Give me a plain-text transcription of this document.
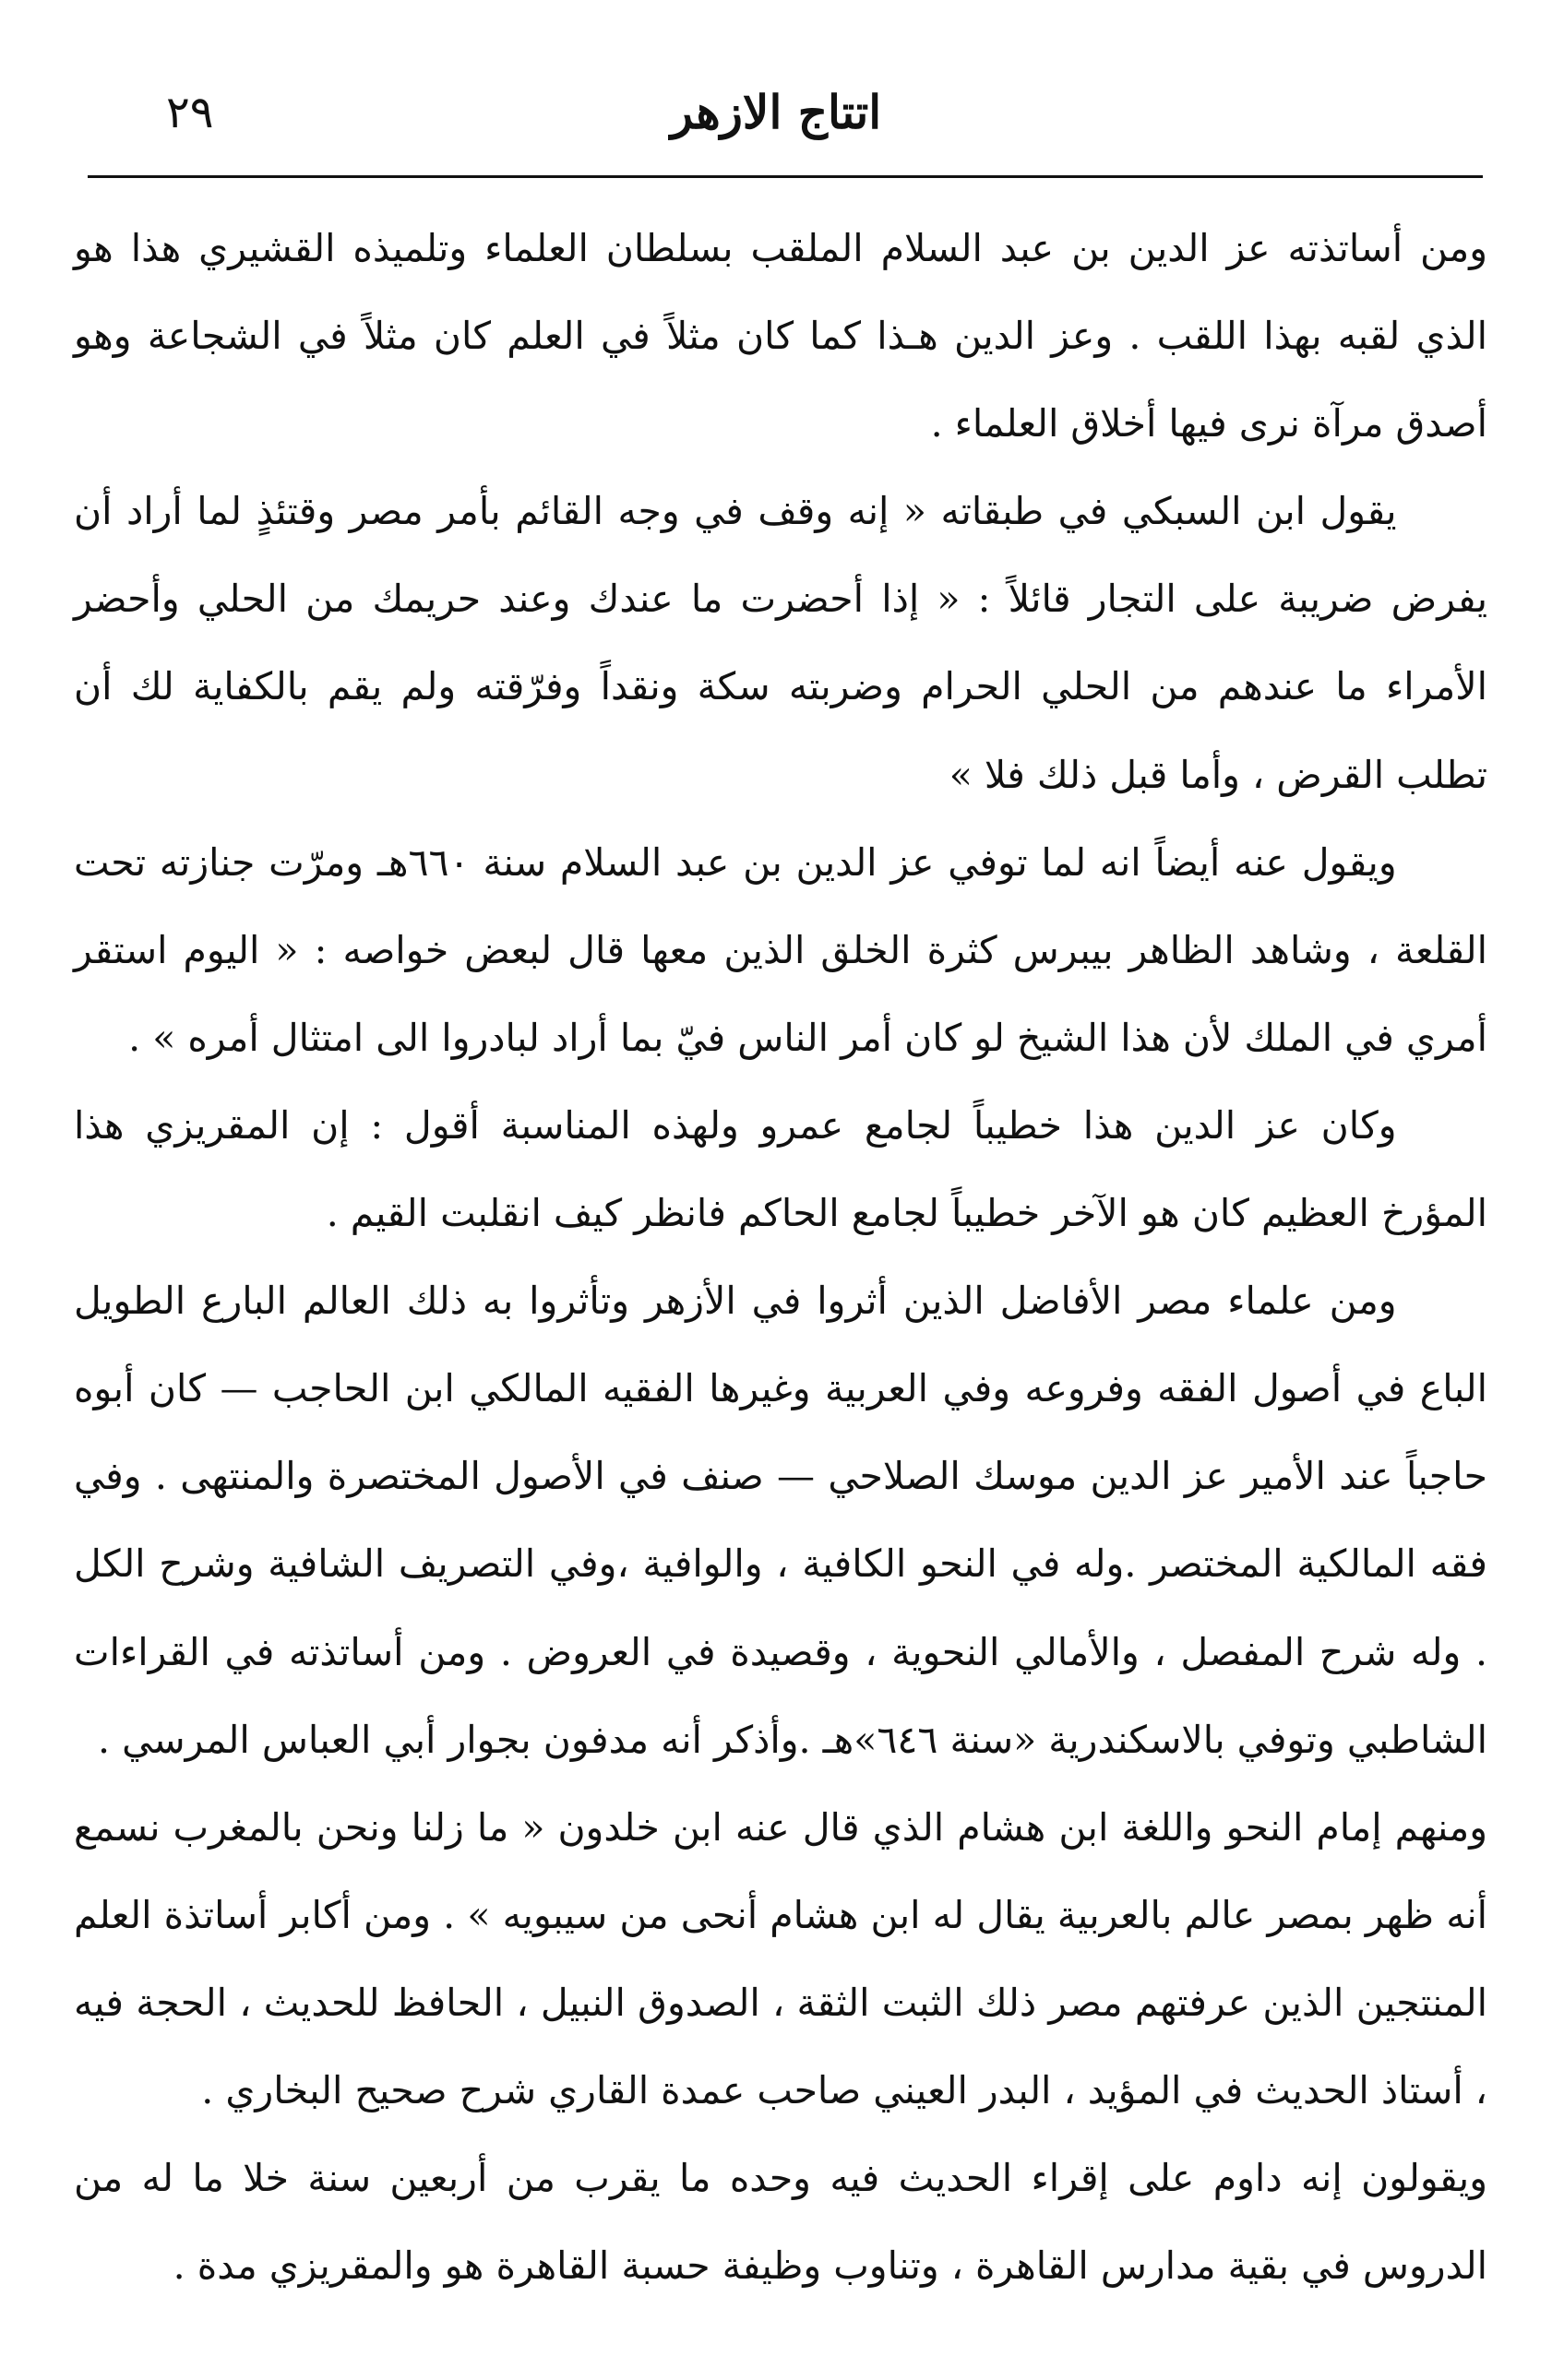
اتتاج الازهر
٢٩

ومن أساتذته عز الدين بن عبد السلام الملقب بسلطان العلماء وتلميذه القشيري هذا هو الذي لقبه بهذا اللقب . وعز الدين هـذا كما كان مثلاً في العلم كان مثلاً في الشجاعة وهو أصدق مرآة نرى فيها أخلاق العلماء .

يقول ابن السبكي في طبقاته « إنه وقف في وجه القائم بأمر مصر وقتئذٍ لما أراد أن يفرض ضريبة على التجار قائلاً : « إذا أحضرت ما عندك وعند حريمك من الحلي وأحضر الأمراء ما عندهم من الحلي الحرام وضربته سكة ونقداً وفرّقته ولم يقم بالكفاية لك أن تطلب القرض ، وأما قبل ذلك فلا »

ويقول عنه أيضاً انه لما توفي عز الدين بن عبد السلام سنة ٦٦٠هـ ومرّت جنازته تحت القلعة ، وشاهد الظاهر بيبرس كثرة الخلق الذين معها قال لبعض خواصه : « اليوم استقر أمري في الملك لأن هذا الشيخ لو كان أمر الناس فيّ بما أراد لبادروا الى امتثال أمره » .

وكان عز الدين هذا خطيباً لجامع عمرو ولهذه المناسبة أقول : إن المقريزي هذا المؤرخ العظيم كان هو الآخر خطيباً لجامع الحاكم فانظر كيف انقلبت القيم .

ومن علماء مصر الأفاضل الذين أثروا في الأزهر وتأثروا به ذلك العالم البارع الطويل الباع في أصول الفقه وفروعه وفي العربية وغيرها الفقيه المالكي ابن الحاجب — كان أبوه حاجباً عند الأمير عز الدين موسك الصلاحي — صنف في الأصول المختصرة والمنتهى . وفي فقه المالكية المختصر .وله في النحو الكافية ، والوافية ،وفي التصريف الشافية وشرح الكل . وله شرح المفصل ، والأمالي النحوية ، وقصيدة في العروض . ومن أساتذته في القراءات الشاطبي وتوفي بالاسكندرية «سنة ٦٤٦»هـ .وأذكر أنه مدفون بجوار أبي العباس المرسي .

ومنهم إمام النحو واللغة ابن هشام الذي قال عنه ابن خلدون « ما زلنا ونحن بالمغرب نسمع أنه ظهر بمصر عالم بالعربية يقال له ابن هشام أنحى من سيبويه » . ومن أكابر أساتذة العلم المنتجين الذين عرفتهم مصر ذلك الثبت الثقة ، الصدوق النبيل ، الحافظ للحديث ، الحجة فيه ، أستاذ الحديث في المؤيد ، البدر العيني صاحب عمدة القاري شرح صحيح البخاري .

ويقولون إنه داوم على إقراء الحديث فيه وحده ما يقرب من أربعين سنة خلا ما له من الدروس في بقية مدارس القاهرة ، وتناوب وظيفة حسبة القاهرة هو والمقريزي مدة .
